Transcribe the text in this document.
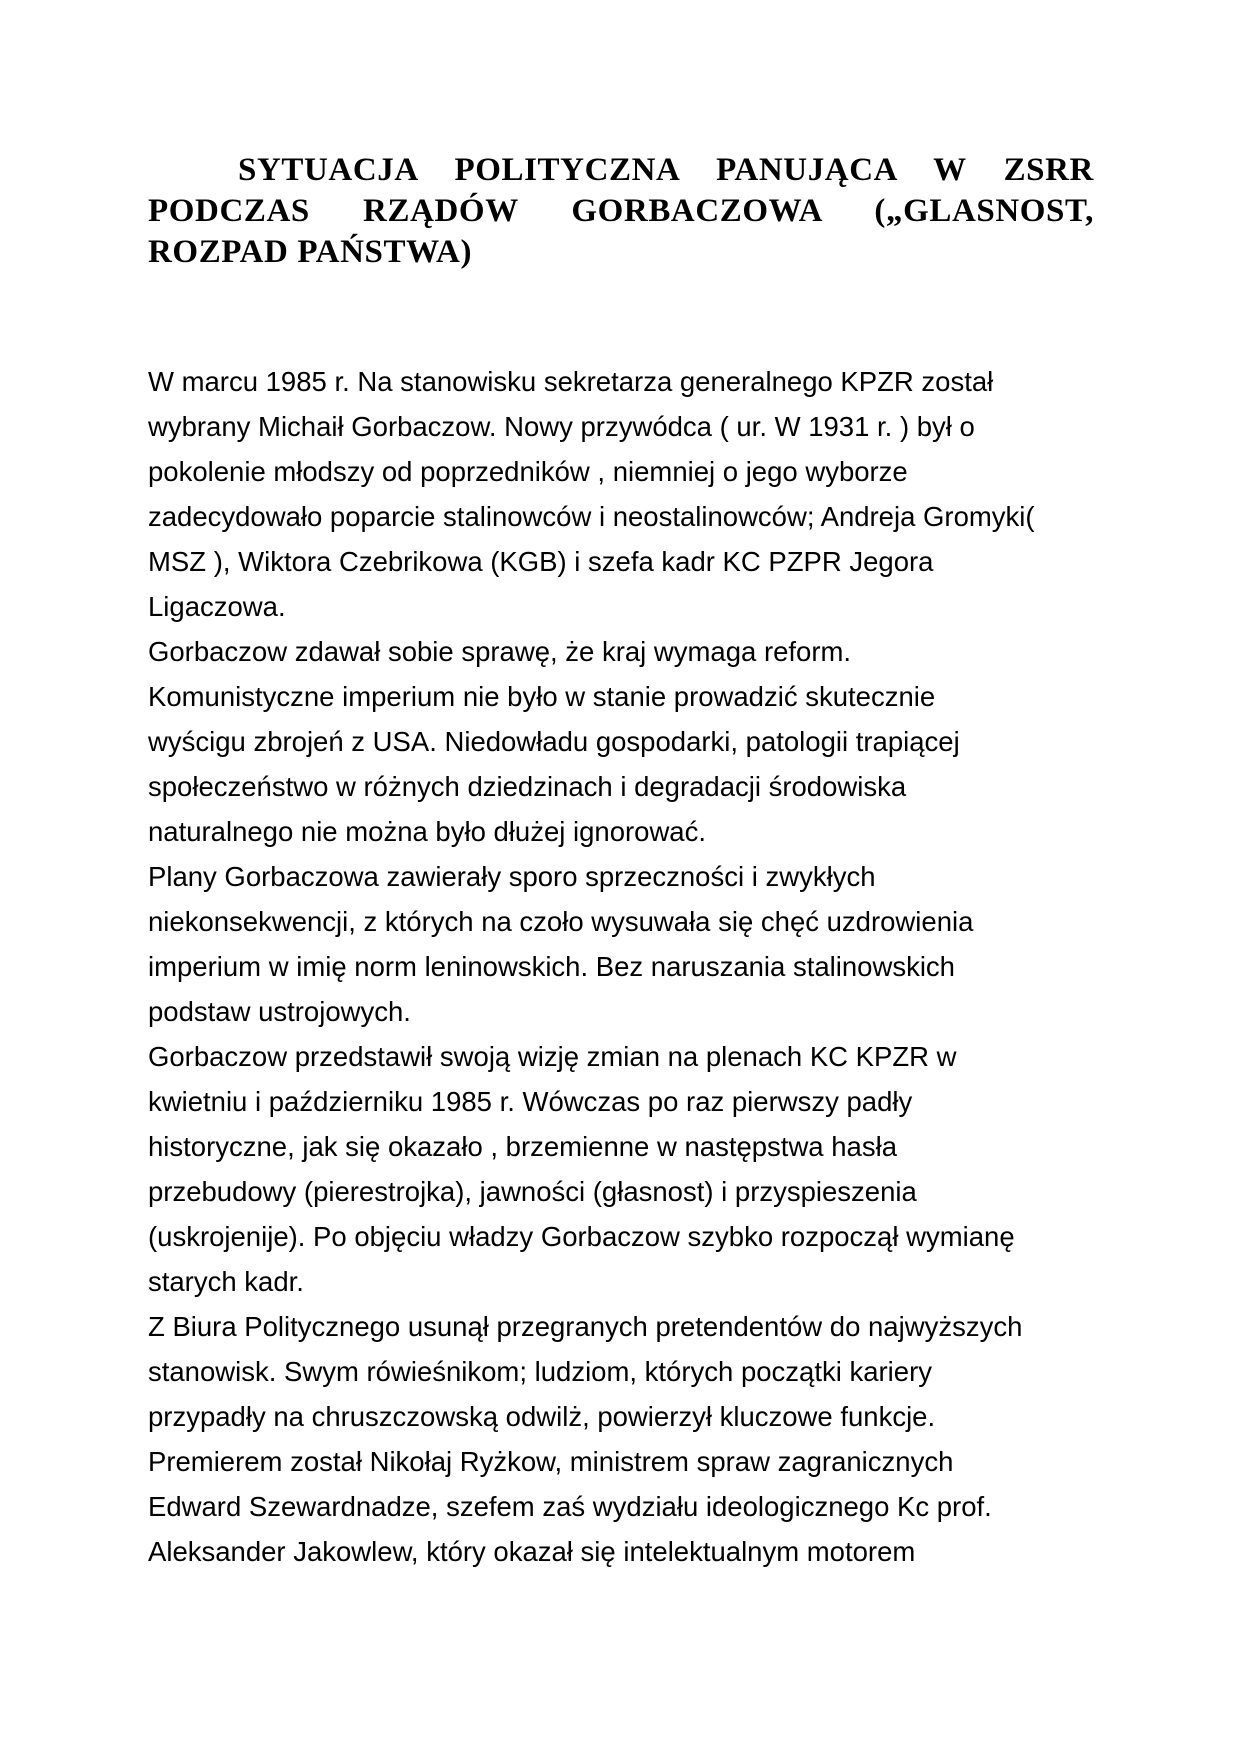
SYTUACJA POLITYCZNA PANUJĄCA W ZSRR
PODCZAS RZĄDÓW GORBACZOWA („GLASNOST,
ROZPAD PAŃSTWA)
W marcu 1985 r. Na stanowisku sekretarza generalnego KPZR został
wybrany Michaił Gorbaczow. Nowy przywódca ( ur. W 1931 r. ) był o
pokolenie młodszy od poprzedników , niemniej o jego wyborze
zadecydowało poparcie stalinowców i neostalinowców; Andreja Gromyki(
MSZ ), Wiktora Czebrikowa (KGB) i szefa kadr KC PZPR Jegora
Ligaczowa.
Gorbaczow zdawał sobie sprawę, że kraj wymaga reform.
Komunistyczne imperium nie było w stanie prowadzić skutecznie
wyścigu zbrojeń z USA. Niedowładu gospodarki, patologii trapiącej
społeczeństwo w różnych dziedzinach i degradacji środowiska
naturalnego nie można było dłużej ignorować.
Plany Gorbaczowa zawierały sporo sprzeczności i zwykłych
niekonsekwencji, z których na czoło wysuwała się chęć uzdrowienia
imperium w imię norm leninowskich. Bez naruszania stalinowskich
podstaw ustrojowych.
Gorbaczow przedstawił swoją wizję zmian na plenach KC KPZR w
kwietniu i październiku 1985 r. Wówczas po raz pierwszy padły
historyczne, jak się okazało , brzemienne w następstwa hasła
przebudowy (pierestrojka), jawności (głasnost) i przyspieszenia
(uskrojenije). Po objęciu władzy Gorbaczow szybko rozpoczął wymianę
starych kadr.
Z Biura Politycznego usunął przegranych pretendentów do najwyższych
stanowisk. Swym rówieśnikom; ludziom, których początki kariery
przypadły na chruszczowską odwilż, powierzył kluczowe funkcje.
Premierem został Nikołaj Ryżkow, ministrem spraw zagranicznych
Edward Szewardnadze, szefem zaś wydziału ideologicznego Kc prof.
Aleksander Jakowlew, który okazał się intelektualnym motorem
